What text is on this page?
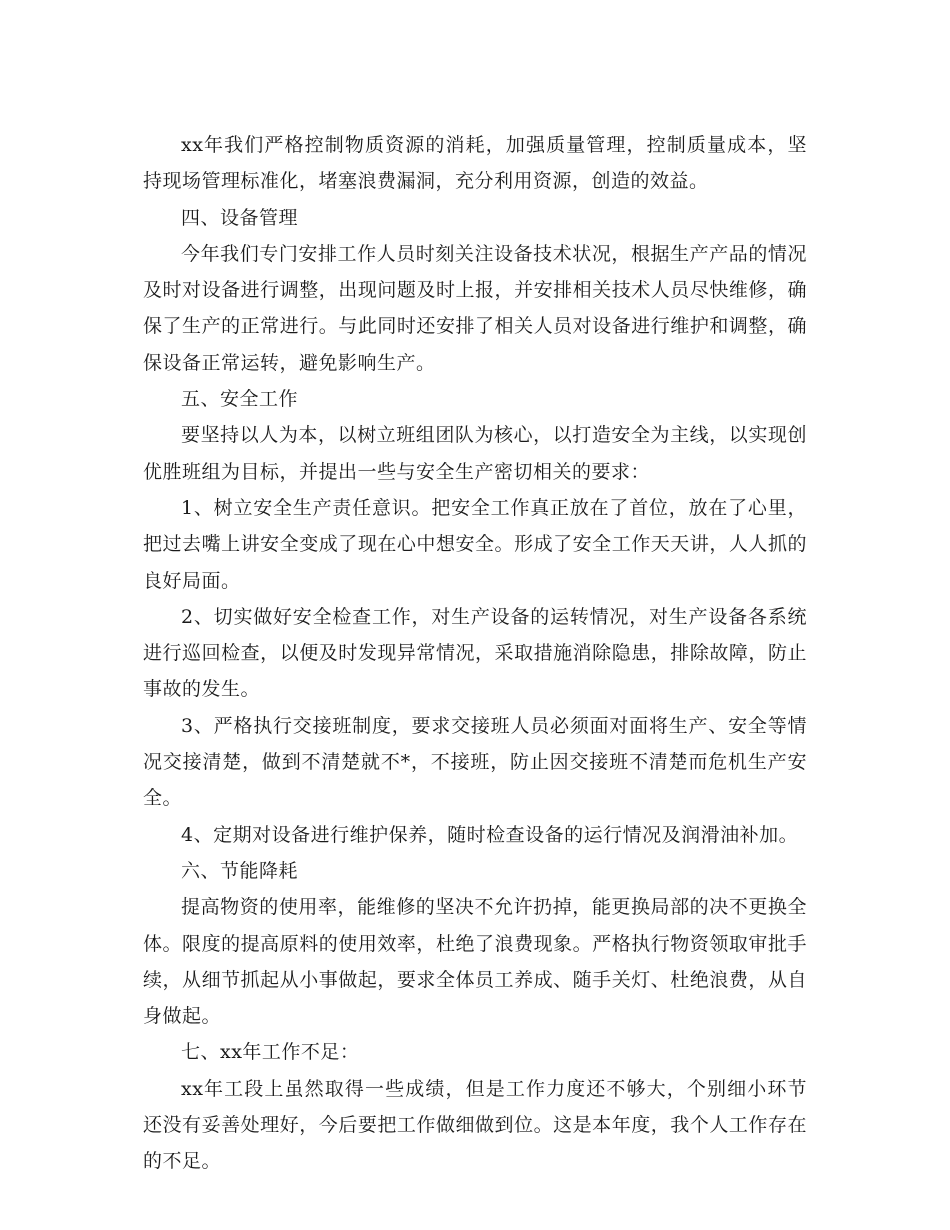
xx年我们严格控制物质资源的消耗，加强质量管理，控制质量成本，坚持现场管理标准化，堵塞浪费漏洞，充分利用资源，创造的效益。

四、设备管理

今年我们专门安排工作人员时刻关注设备技术状况，根据生产产品的情况及时对设备进行调整，出现问题及时上报，并安排相关技术人员尽快维修，确保了生产的正常进行。与此同时还安排了相关人员对设备进行维护和调整，确保设备正常运转，避免影响生产。

五、安全工作

要坚持以人为本，以树立班组团队为核心，以打造安全为主线，以实现创优胜班组为目标，并提出一些与安全生产密切相关的要求：

1、树立安全生产责任意识。把安全工作真正放在了首位，放在了心里，把过去嘴上讲安全变成了现在心中想安全。形成了安全工作天天讲，人人抓的良好局面。

2、切实做好安全检查工作，对生产设备的运转情况，对生产设备各系统进行巡回检查，以便及时发现异常情况，采取措施消除隐患，排除故障，防止事故的发生。

3、严格执行交接班制度，要求交接班人员必须面对面将生产、安全等情况交接清楚，做到不清楚就不*，不接班，防止因交接班不清楚而危机生产安全。

4、定期对设备进行维护保养，随时检查设备的运行情况及润滑油补加。

六、节能降耗

提高物资的使用率，能维修的坚决不允许扔掉，能更换局部的决不更换全体。限度的提高原料的使用效率，杜绝了浪费现象。严格执行物资领取审批手续，从细节抓起从小事做起，要求全体员工养成、随手关灯、杜绝浪费，从自身做起。

七、xx年工作不足：

xx年工段上虽然取得一些成绩，但是工作力度还不够大，个别细小环节还没有妥善处理好，今后要把工作做细做到位。这是本年度，我个人工作存在的不足。
